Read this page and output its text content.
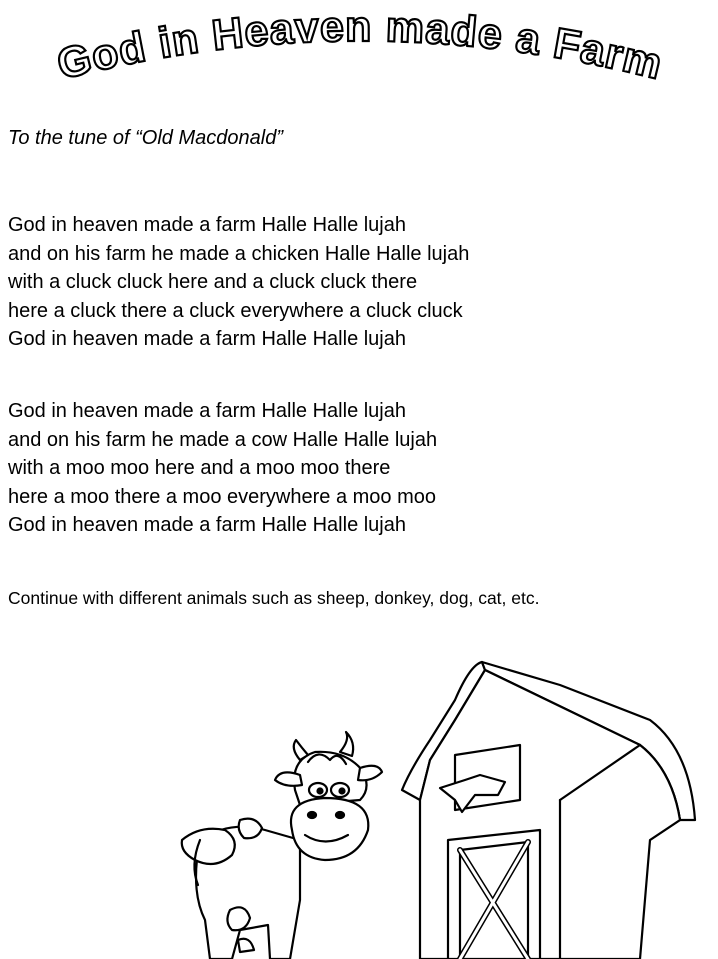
God in Heaven made a Farm
To the tune of “Old Macdonald”
God in heaven made a farm Halle Halle lujah
and on his farm he made a chicken Halle Halle lujah
with a cluck cluck here and a cluck cluck there
here a cluck there a cluck everywhere a cluck cluck
God in heaven made a farm Halle Halle lujah
God in heaven made a farm Halle Halle lujah
and on his farm he made a cow Halle Halle lujah
with a moo moo here and a moo moo there
here a moo there a moo everywhere a moo moo
God in heaven made a farm Halle Halle lujah
Continue with different animals such as sheep, donkey, dog, cat, etc.
